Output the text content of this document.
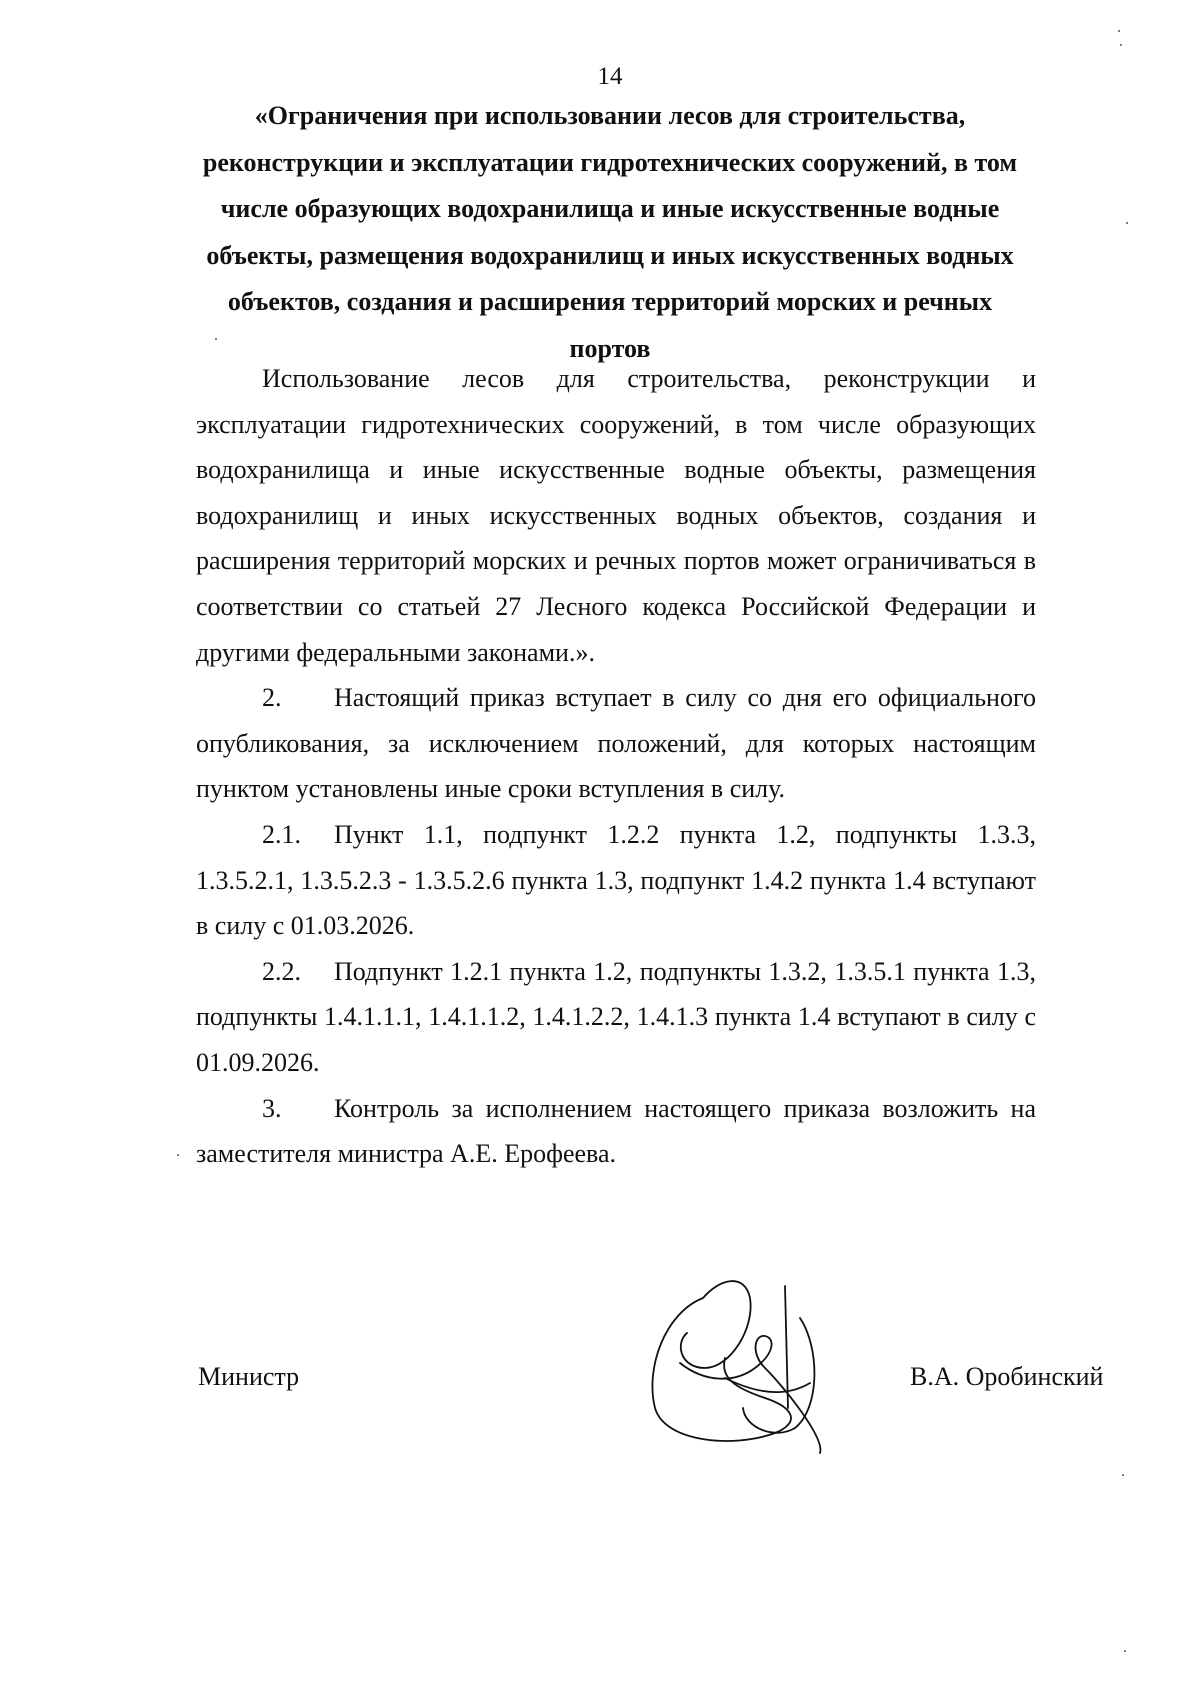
14
«Ограничения при использовании лесов для строительства, реконструкции и эксплуатации гидротехнических сооружений, в том числе образующих водохранилища и иные искусственные водные объекты, размещения водохранилищ и иных искусственных водных объектов, создания и расширения территорий морских и речных портов

Использование лесов для строительства, реконструкции и эксплуатации гидротехнических сооружений, в том числе образующих водохранилища и иные искусственные водные объекты, размещения водохранилищ и иных искусственных водных объектов, создания и расширения территорий морских и речных портов может ограничиваться в соответствии со статьей 27 Лесного кодекса Российской Федерации и другими федеральными законами.».

2. Настоящий приказ вступает в силу со дня его официального опубликования, за исключением положений, для которых настоящим пунктом установлены иные сроки вступления в силу.

2.1. Пункт 1.1, подпункт 1.2.2 пункта 1.2, подпункты 1.3.3, 1.3.5.2.1, 1.3.5.2.3 - 1.3.5.2.6 пункта 1.3, подпункт 1.4.2 пункта 1.4 вступают в силу с 01.03.2026.

2.2. Подпункт 1.2.1 пункта 1.2, подпункты 1.3.2, 1.3.5.1 пункта 1.3, подпункты 1.4.1.1.1, 1.4.1.1.2, 1.4.1.2.2, 1.4.1.3 пункта 1.4 вступают в силу с 01.09.2026.

3. Контроль за исполнением настоящего приказа возложить на заместителя министра А.Е. Ерофеева.

Министр	В.А. Оробинский
